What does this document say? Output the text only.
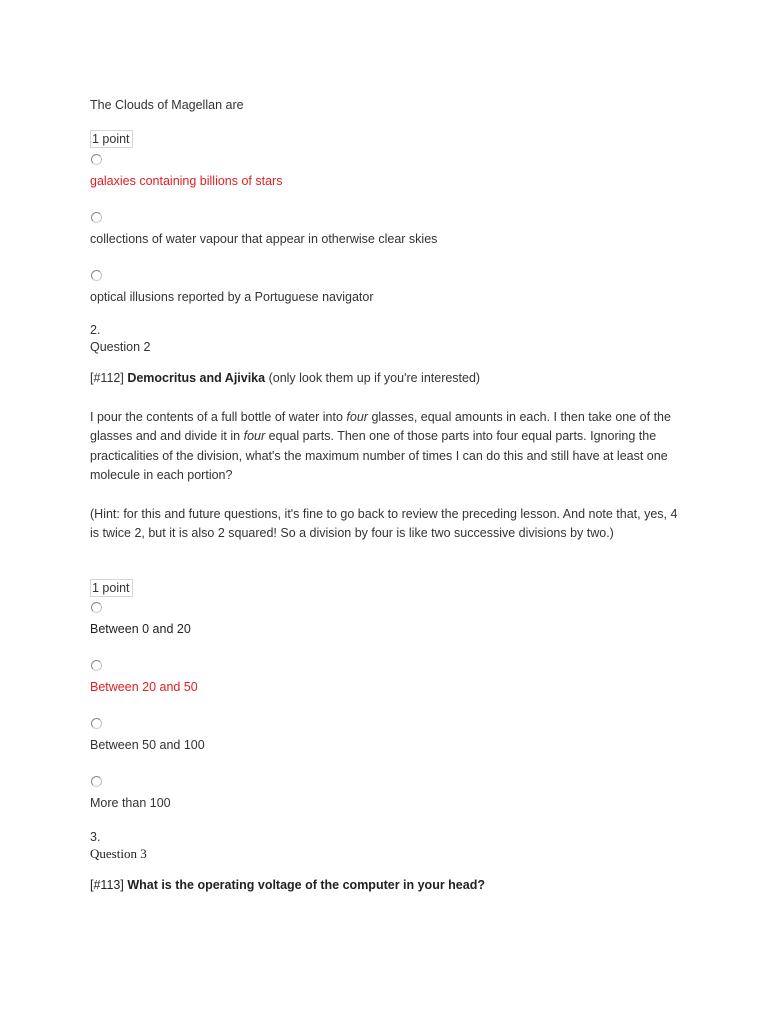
The Clouds of Magellan are
1 point
galaxies containing billions of stars
collections of water vapour that appear in otherwise clear skies
optical illusions reported by a Portuguese navigator
2.
Question 2
[#112] Democritus and Ajivika (only look them up if you're interested)
I pour the contents of a full bottle of water into four glasses, equal amounts in each. I then take one of the glasses and and divide it in four equal parts. Then one of those parts into four equal parts. Ignoring the practicalities of the division, what's the maximum number of times I can do this and still have at least one molecule in each portion?
(Hint: for this and future questions, it's fine to go back to review the preceding lesson. And note that, yes, 4 is twice 2, but it is also 2 squared! So a division by four is like two successive divisions by two.)
1 point
Between 0 and 20
Between 20 and 50
Between 50 and 100
More than 100
3.
Question 3
[#113] What is the operating voltage of the computer in your head?
